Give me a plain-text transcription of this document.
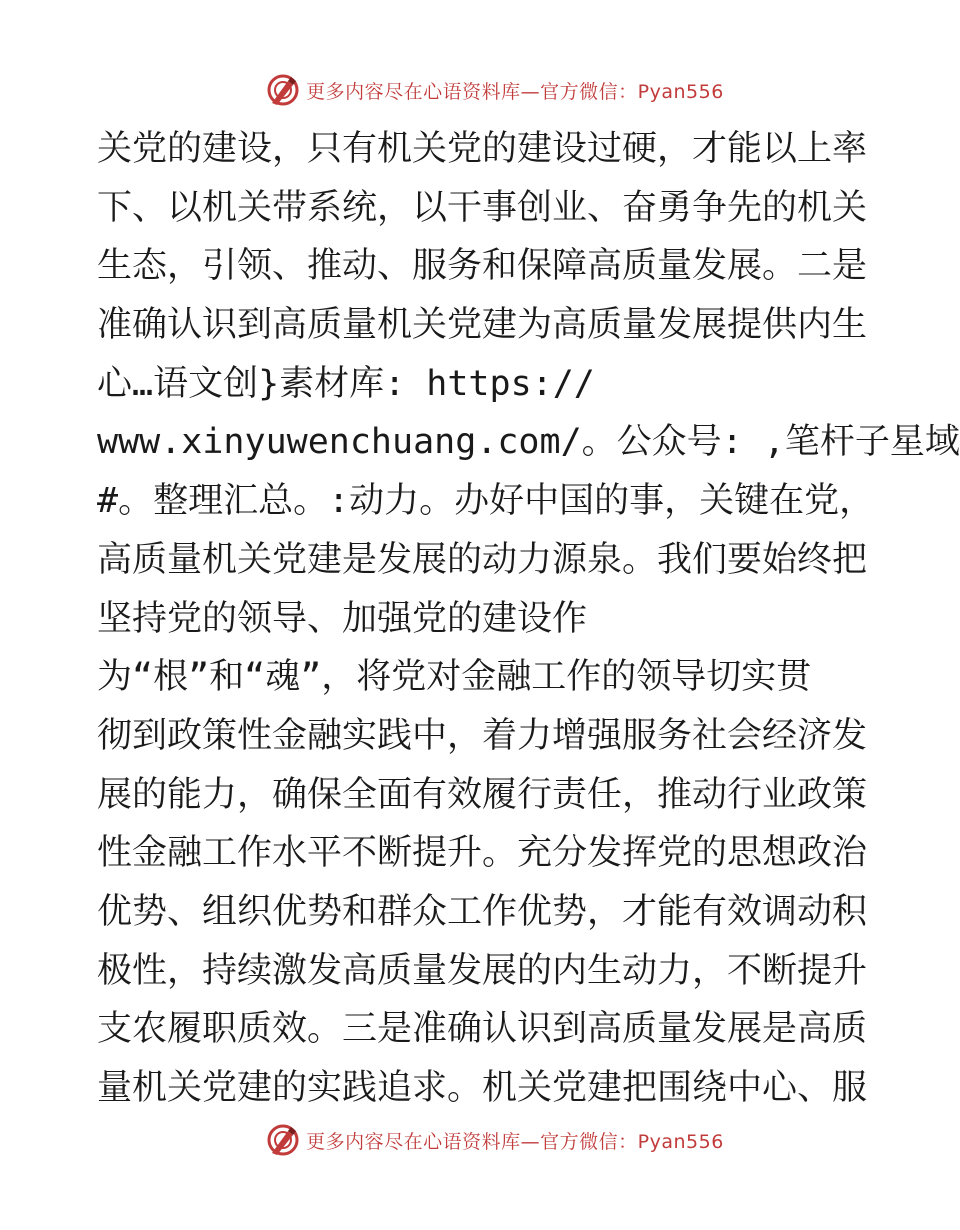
更多内容尽在心语资料库—官方微信：Pyan556
关党的建设，只有机关党的建设过硬，才能以上率
下、以机关带系统，以干事创业、奋勇争先的机关
生态，引领、推动、服务和保障高质量发展。二是
准确认识到高质量机关党建为高质量发展提供内生
心…语文创}素材库: https://
www.xinyuwenchuang.com/。公众号: ,笔杆子星域
#。整理汇总。:动力。办好中国的事，关键在党，
高质量机关党建是发展的动力源泉。我们要始终把
坚持党的领导、加强党的建设作
为“根”和“魂”，将党对金融工作的领导切实贯
彻到政策性金融实践中，着力增强服务社会经济发
展的能力，确保全面有效履行责任，推动行业政策
性金融工作水平不断提升。充分发挥党的思想政治
优势、组织优势和群众工作优势，才能有效调动积
极性，持续激发高质量发展的内生动力，不断提升
支农履职质效。三是准确认识到高质量发展是高质
量机关党建的实践追求。机关党建把围绕中心、服
更多内容尽在心语资料库—官方微信：Pyan556
